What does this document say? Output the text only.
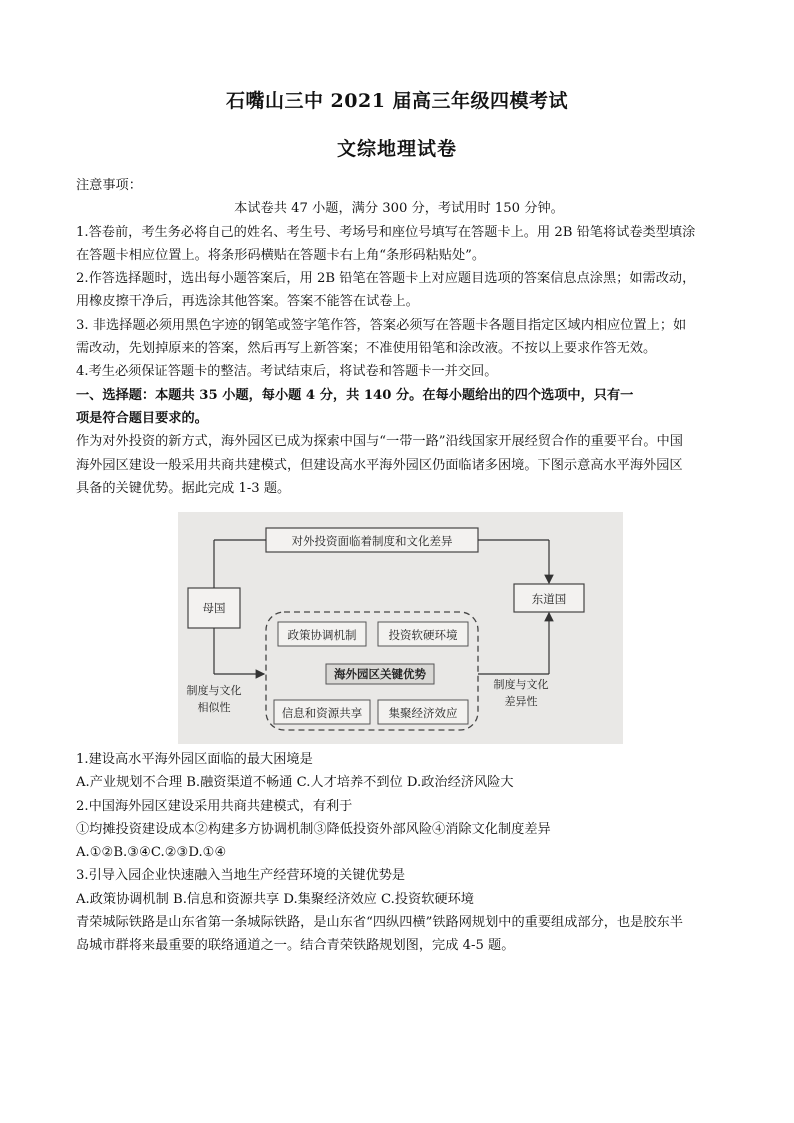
石嘴山三中 2021 届高三年级四模考试
文综地理试卷

注意事项：

本试卷共 47 小题，满分 300 分，考试用时 150 分钟。

1.答卷前，考生务必将自己的姓名、考生号、考场号和座位号填写在答题卡上。用 2B 铅笔将试卷类型填涂

在答题卡相应位置上。将条形码横贴在答题卡右上角“条形码粘贴处”。

2.作答选择题时，选出每小题答案后，用 2B 铅笔在答题卡上对应题目选项的答案信息点涂黑；如需改动，

用橡皮擦干净后，再选涂其他答案。答案不能答在试卷上。

3. 非选择题必须用黑色字迹的钢笔或签字笔作答，答案必须写在答题卡各题目指定区域内相应位置上；如

需改动，先划掉原来的答案，然后再写上新答案；不准使用铅笔和涂改液。不按以上要求作答无效。

4.考生必须保证答题卡的整洁。考试结束后，将试卷和答题卡一并交回。

一、选择题：本题共 35 小题，每小题 4 分，共 140 分。在每小题给出的四个选项中，只有一

项是符合题目要求的。

作为对外投资的新方式，海外园区已成为探索中国与“一带一路”沿线国家开展经贸合作的重要平台。中国

海外园区建设一般采用共商共建模式，但建设高水平海外园区仍面临诸多困境。下图示意高水平海外园区

具备的关键优势。据此完成 1-3 题。

对外投资面临着制度和文化差异
母国
东道国
政策协调机制	投资软硬环境
海外园区关键优势
信息和资源共享 集聚经济效应
制度与文化
相似性
制度与文化
差异性

1.建设高水平海外园区面临的最大困境是

A.产业规划不合理 B.融资渠道不畅通 C.人才培养不到位 D.政治经济风险大

2.中国海外园区建设采用共商共建模式，有利于

①均摊投资建设成本②构建多方协调机制③降低投资外部风险④消除文化制度差异

A.①②B.③④C.②③D.①④

3.引导入园企业快速融入当地生产经营环境的关键优势是

A.政策协调机制 B.信息和资源共享 D.集聚经济效应 C.投资软硬环境

青荣城际铁路是山东省第一条城际铁路，是山东省“四纵四横”铁路网规划中的重要组成部分，也是胶东半

岛城市群将来最重要的联络通道之一。结合青荣铁路规划图，完成 4-5 题。
